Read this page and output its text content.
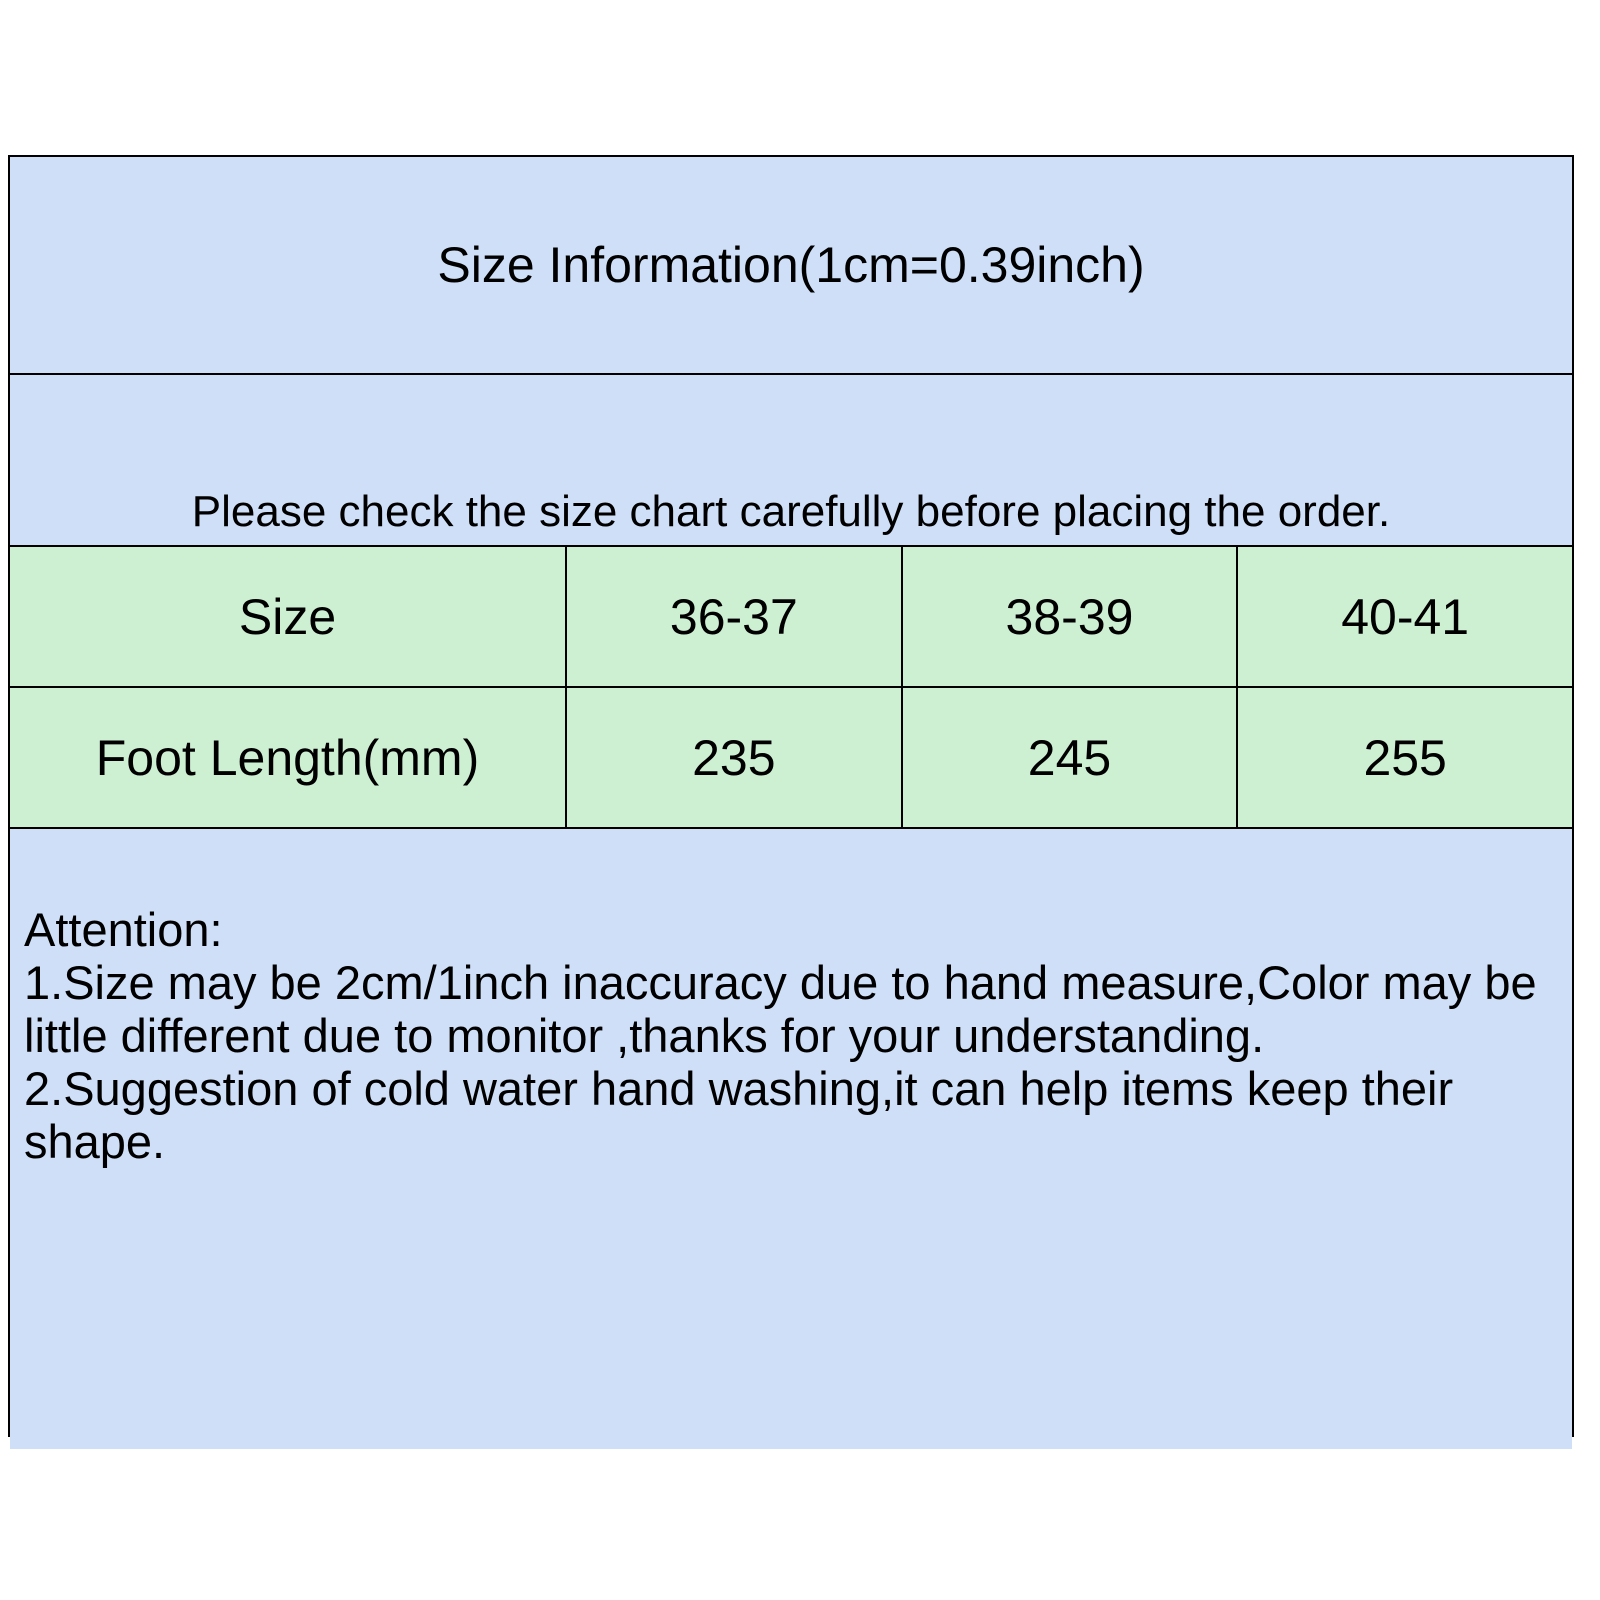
Size Information(1cm=0.39inch)
Please check the size chart carefully before placing the order.
Size	36-37	38-39	40-41
Foot Length(mm)	235	245	255
Attention:
1.Size may be 2cm/1inch inaccuracy due to hand measure,Color may be little different due to monitor ,thanks for your understanding.
2.Suggestion of cold water hand washing,it can help items keep their shape.
